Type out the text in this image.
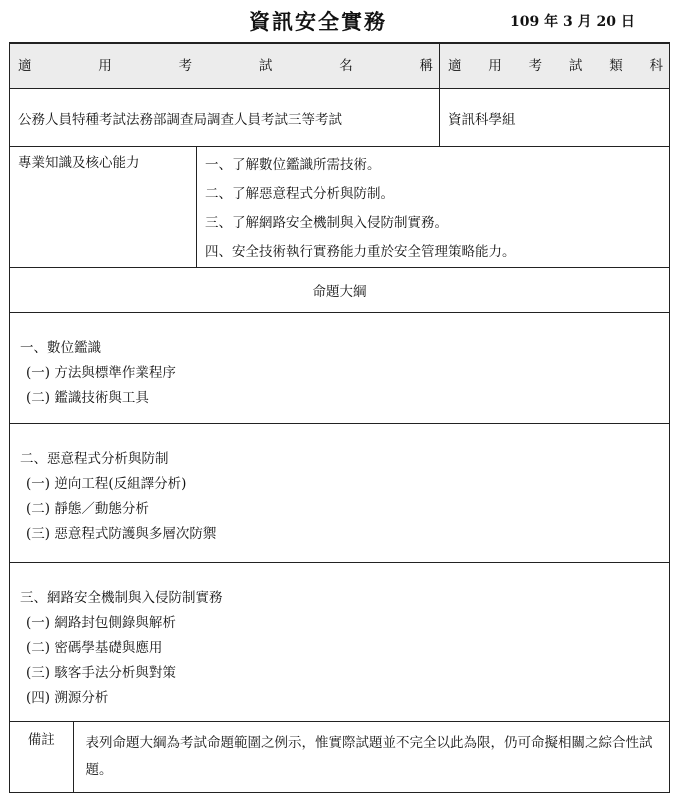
資訊安全實務	109 年 3 月 20 日
適	用	考	試	名	稱	適 用 考 試 類 科

公務人員特種考試法務部調查局調查人員考試三等考試	資訊科學組
專業知識及核心能力	一、了解數位鑑識所需技術。
二、了解惡意程式分析與防制。
三、了解網路安全機制與入侵防制實務。
四、安全技術執行實務能力重於安全管理策略能力。

命題大綱

一、數位鑑識
(一) 方法與標準作業程序
(二) 鑑識技術與工具

二、惡意程式分析與防制
(一) 逆向工程(反組譯分析)
(二) 靜態／動態分析
(三) 惡意程式防護與多層次防禦

三、網路安全機制與入侵防制實務
(一) 網路封包側錄與解析
(二) 密碼學基礎與應用
(三) 駭客手法分析與對策
(四) 溯源分析

備註	表列命題大綱為考試命題範圍之例示，惟實際試題並不完全以此為限，仍可命擬相關之綜合性試題。
